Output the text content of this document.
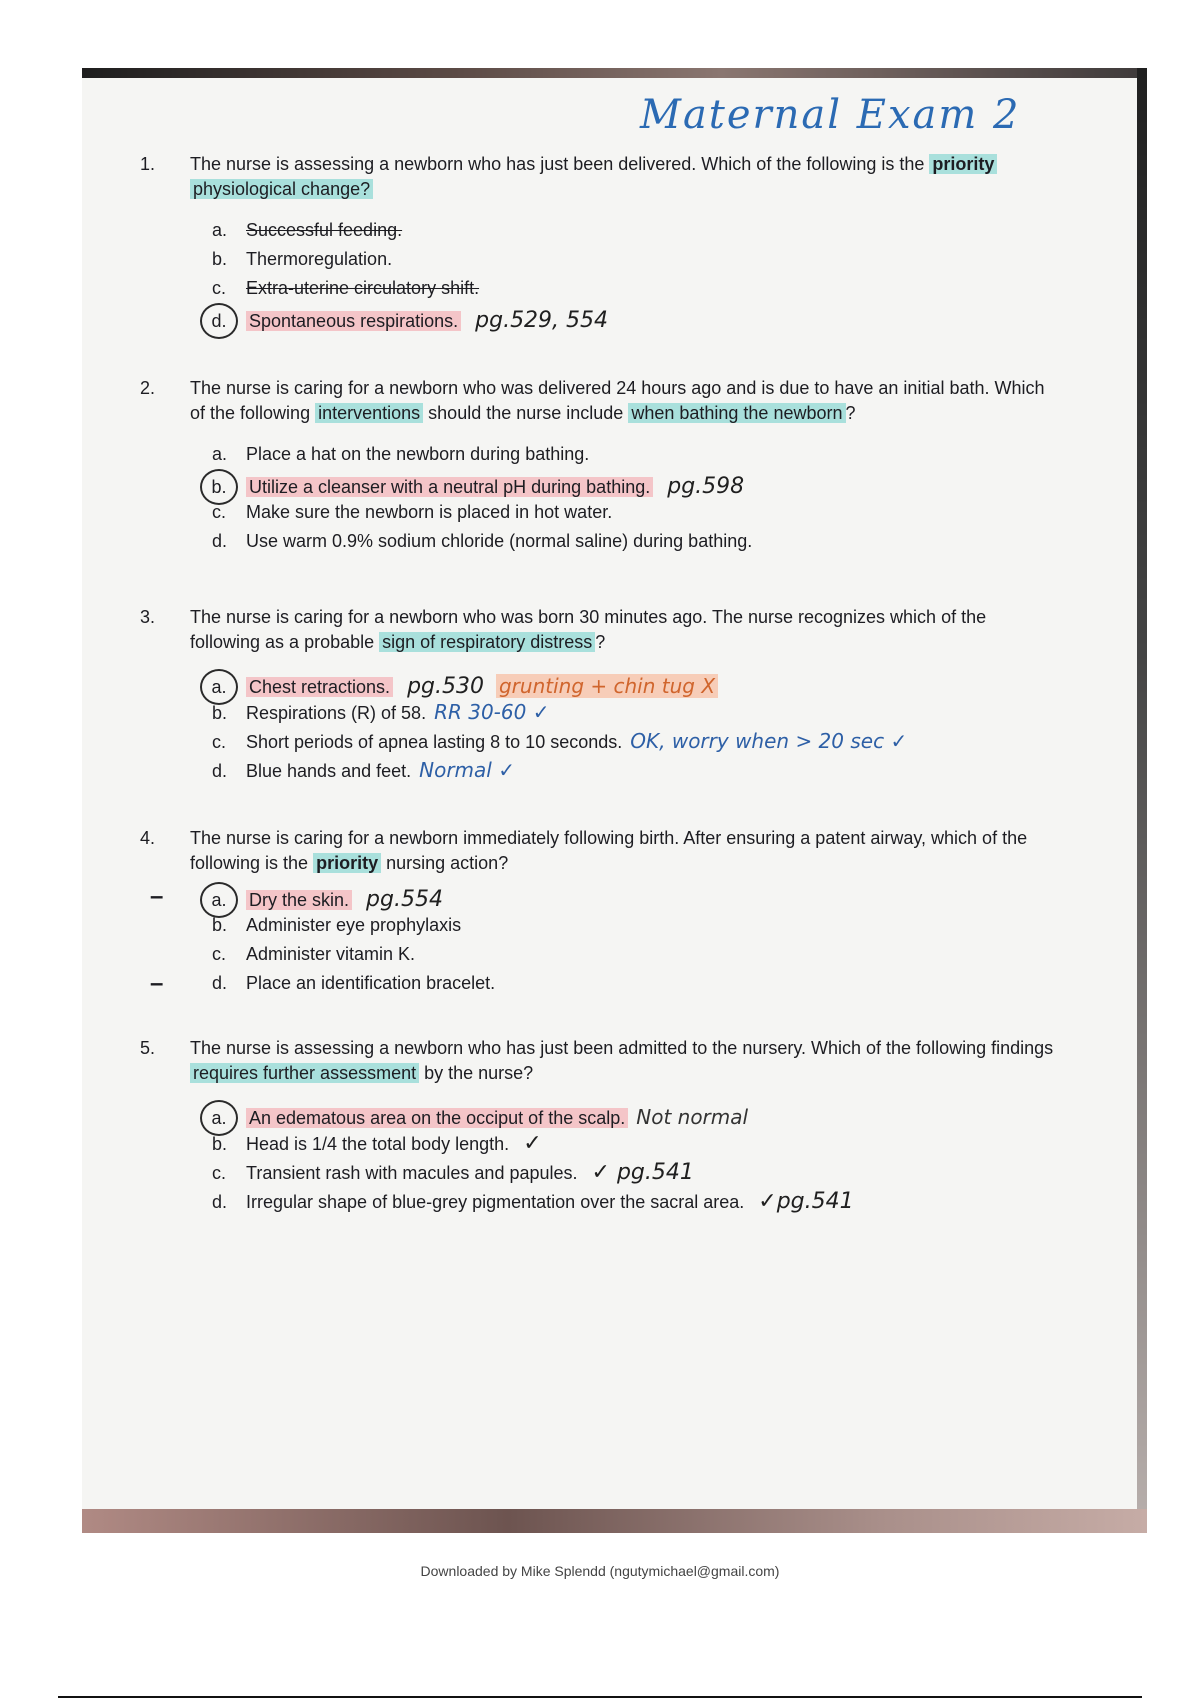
Maternal Exam 2
1.	The nurse is assessing a newborn who has just been delivered. Which of the following is the priority physiological change?
a. Successful feeding.
b. Thermoregulation.
c. Extra-uterine circulatory shift.
d. Spontaneous respirations. pg.529, 554
2.	The nurse is caring for a newborn who was delivered 24 hours ago and is due to have an initial bath. Which of the following interventions should the nurse include when bathing the newborn ?
a. Place a hat on the newborn during bathing.
b. Utilize a cleanser with a neutral pH during bathing. pg.598
c. Make sure the newborn is placed in hot water.
d. Use warm 0.9% sodium chloride (normal saline) during bathing.
3.	The nurse is caring for a newborn who was born 30 minutes ago. The nurse recognizes which of the following as a probable sign of respiratory distress ?
a. Chest retractions. pg.530 grunting + chin tug X
b. Respirations (R) of 58. RR 30-60 ✓
c. Short periods of apnea lasting 8 to 10 seconds. OK, worry when > 20 sec ✓
d. Blue hands and feet. Normal ✓
4.	The nurse is caring for a newborn immediately following birth. After ensuring a patent airway, which of the following is the priority nursing action?
–	a. Dry the skin. pg.554
b. Administer eye prophylaxis
c. Administer vitamin K.
–	d. Place an identification bracelet.
5.	The nurse is assessing a newborn who has just been admitted to the nursery. Which of the following findings requires further assessment by the nurse?
a. An edematous area on the occiput of the scalp. Not normal
b. Head is 1/4 the total body length. ✓
c. Transient rash with macules and papules. ✓ pg.541
d. Irregular shape of blue-grey pigmentation over the sacral area. ✓pg.541
Downloaded by Mike Splendd (ngutymichael@gmail.com)
